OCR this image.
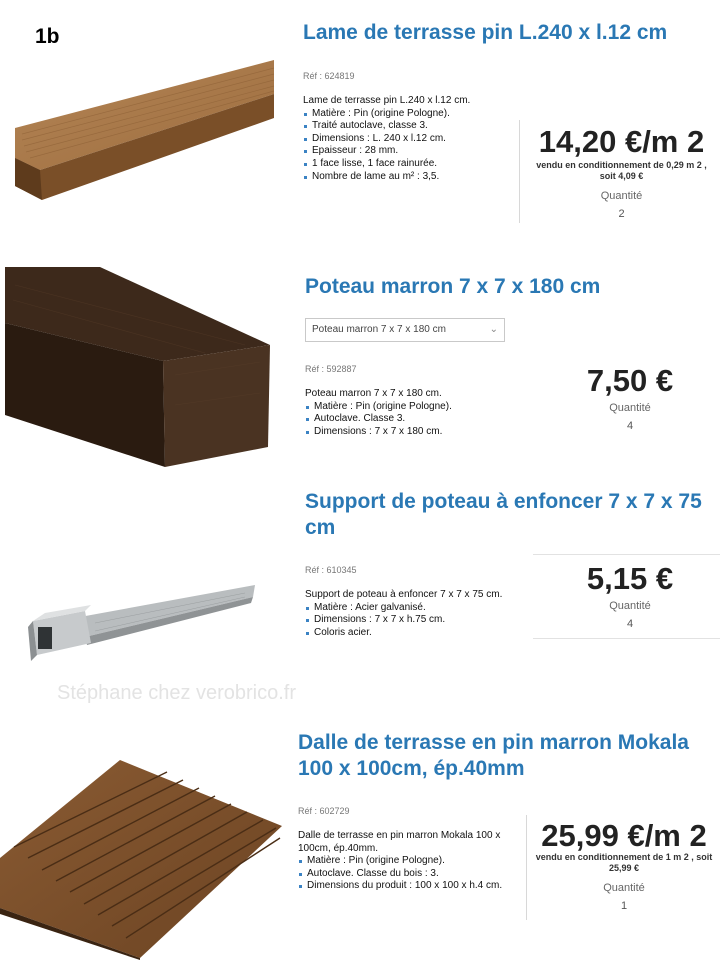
1b	Lame de terrasse pin L.240 x l.12 cm
Réf : 624819
Lame de terrasse pin L.240 x l.12 cm.
Matière : Pin (origine Pologne).
Traité autoclave, classe 3.
Dimensions : L. 240 x l.12 cm.
Epaisseur : 28 mm.
1 face lisse, 1 face rainurée.
Nombre de lame au m² : 3,5.
14,20 €/m 2
vendu en conditionnement de 0,29 m 2 ,
soit 4,09 €
Quantité
2
Poteau marron 7 x 7 x 180 cm
Poteau marron 7 x 7 x 180 cm	⌄
Réf : 592887
Poteau marron 7 x 7 x 180 cm.
Matière : Pin (origine Pologne).
Autoclave. Classe 3.
Dimensions : 7 x 7 x 180 cm.
7,50 €
Quantité
4
Support de poteau à enfoncer 7 x 7 x 75
cm
Réf : 610345
Support de poteau à enfoncer 7 x 7 x 75 cm.
Matière : Acier galvanisé.
Dimensions : 7 x 7 x h.75 cm.
Coloris acier.
5,15 €
Quantité
4
Stéphane chez verobrico.fr
Dalle de terrasse en pin marron Mokala
100 x 100cm, ép.40mm
Réf : 602729
Dalle de terrasse en pin marron Mokala 100 x
100cm, ép.40mm.
Matière : Pin (origine Pologne).
Autoclave. Classe du bois : 3.
Dimensions du produit : 100 x 100 x h.4 cm.
25,99 €/m 2
vendu en conditionnement de 1 m 2 , soit
25,99 €
Quantité
1
